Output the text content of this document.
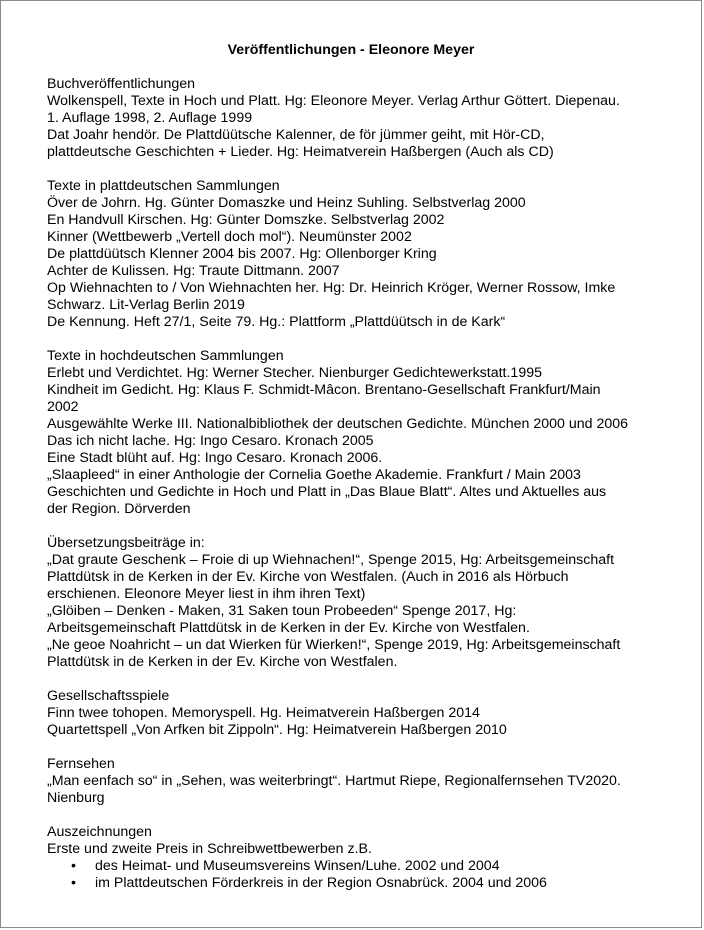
Veröffentlichungen - Eleonore Meyer

Buchveröffentlichungen

Wolkenspell, Texte in Hoch und Platt. Hg: Eleonore Meyer. Verlag Arthur Göttert. Diepenau.

1. Auflage 1998, 2. Auflage 1999

Dat Joahr hendör. De Plattdüütsche Kalenner, de för jümmer geiht, mit Hör-CD,

plattdeutsche Geschichten + Lieder. Hg: Heimatverein Haßbergen (Auch als CD)

Texte in plattdeutschen Sammlungen

Över de Johrn. Hg. Günter Domaszke und Heinz Suhling. Selbstverlag 2000

En Handvull Kirschen. Hg: Günter Domszke. Selbstverlag 2002

Kinner (Wettbewerb „Vertell doch mol“). Neumünster 2002

De plattdüütsch Klenner 2004 bis 2007. Hg: Ollenborger Kring

Achter de Kulissen. Hg: Traute Dittmann. 2007

Op Wiehnachten to / Von Wiehnachten her. Hg: Dr. Heinrich Kröger, Werner Rossow, Imke

Schwarz. Lit-Verlag Berlin 2019

De Kennung. Heft 27/1, Seite 79. Hg.: Plattform „Plattdüütsch in de Kark“

Texte in hochdeutschen Sammlungen

Erlebt und Verdichtet. Hg: Werner Stecher. Nienburger Gedichtewerkstatt.1995

Kindheit im Gedicht. Hg: Klaus F. Schmidt-Mâcon. Brentano-Gesellschaft Frankfurt/Main

2002

Ausgewählte Werke III. Nationalbibliothek der deutschen Gedichte. München 2000 und 2006

Das ich nicht lache. Hg: Ingo Cesaro. Kronach 2005

Eine Stadt blüht auf. Hg: Ingo Cesaro. Kronach 2006.

„Slaapleed“ in einer Anthologie der Cornelia Goethe Akademie. Frankfurt / Main 2003

Geschichten und Gedichte in Hoch und Platt in „Das Blaue Blatt“. Altes und Aktuelles aus

der Region. Dörverden

Übersetzungsbeiträge in:

„Dat graute Geschenk – Froie di up Wiehnachen!“, Spenge 2015, Hg: Arbeitsgemeinschaft

Plattdütsk in de Kerken in der Ev. Kirche von Westfalen. (Auch in 2016 als Hörbuch

erschienen. Eleonore Meyer liest in ihm ihren Text)

„Glöiben – Denken - Maken, 31 Saken toun Probeeden“ Spenge 2017, Hg:

Arbeitsgemeinschaft Plattdütsk in de Kerken in der Ev. Kirche von Westfalen.

„Ne geoe Noahricht – un dat Wierken für Wierken!“, Spenge 2019, Hg: Arbeitsgemeinschaft

Plattdütsk in de Kerken in der Ev. Kirche von Westfalen.

Gesellschaftsspiele

Finn twee tohopen. Memoryspell. Hg. Heimatverein Haßbergen 2014

Quartettspell „Von Arfken bit Zippoln“. Hg: Heimatverein Haßbergen 2010

Fernsehen

„Man eenfach so“ in „Sehen, was weiterbringt“. Hartmut Riepe, Regionalfernsehen TV2020.

Nienburg

Auszeichnungen

Erste und zweite Preis in Schreibwettbewerben z.B.

• des Heimat- und Museumsvereins Winsen/Luhe. 2002 und 2004
• im Plattdeutschen Förderkreis in der Region Osnabrück. 2004 und 2006
